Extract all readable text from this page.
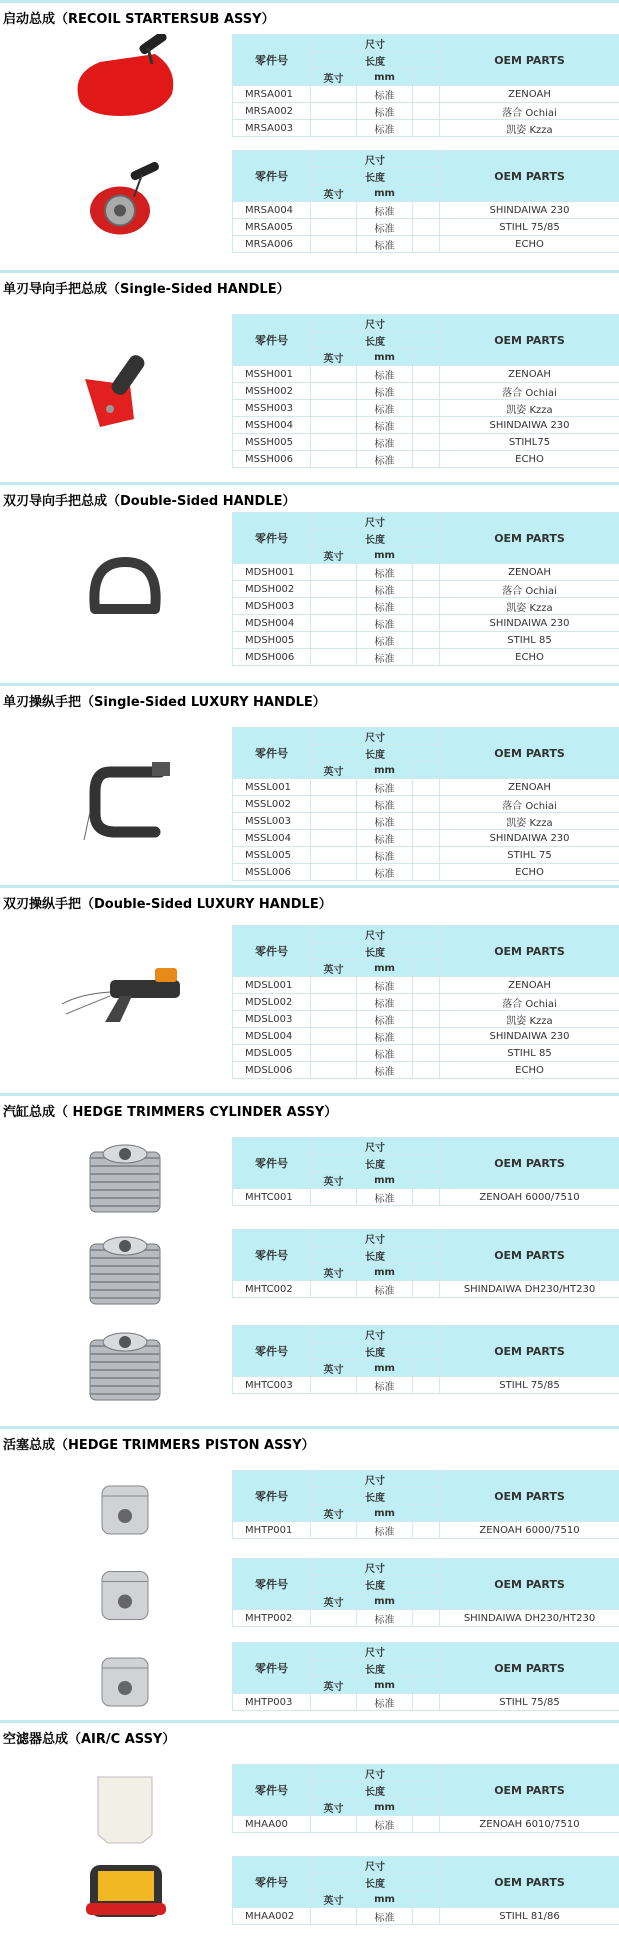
启动总成（RECOIL STARTERSUB ASSY）
零件号	尺寸			OEM PARTS
	长度			
	英寸	mm		
MRSA001		标准		ZENOAH
MRSA002		标准		落合 Ochiai
MRSA003		标准		凯姿 Kzza
零件号	尺寸			OEM PARTS
	长度			
	英寸	mm		
MRSA004		标准		SHINDAIWA 230
MRSA005		标准		STIHL 75/85
MRSA006		标准		ECHO
单刃导向手把总成（Single-Sided HANDLE）
零件号	尺寸			OEM PARTS
	长度			
	英寸	mm		
MSSH001		标准		ZENOAH
MSSH002		标准		落合 Ochiai
MSSH003		标准		凯姿 Kzza
MSSH004		标准		SHINDAIWA 230
MSSH005		标准		STIHL75
MSSH006		标准		ECHO
双刃导向手把总成（Double-Sided HANDLE）
零件号	尺寸			OEM PARTS
	长度			
	英寸	mm		
MDSH001		标准		ZENOAH
MDSH002		标准		落合 Ochiai
MDSH003		标准		凯姿 Kzza
MDSH004		标准		SHINDAIWA 230
MDSH005		标准		STIHL 85
MDSH006		标准		ECHO
单刃操纵手把（Single-Sided LUXURY HANDLE）
零件号	尺寸			OEM PARTS
	长度			
	英寸	mm		
MSSL001		标准		ZENOAH
MSSL002		标准		落合 Ochiai
MSSL003		标准		凯姿 Kzza
MSSL004		标准		SHINDAIWA 230
MSSL005		标准		STIHL 75
MSSL006		标准		ECHO
双刃操纵手把（Double-Sided LUXURY HANDLE）
零件号	尺寸			OEM PARTS
	长度			
	英寸	mm		
MDSL001		标准		ZENOAH
MDSL002		标准		落合 Ochiai
MDSL003		标准		凯姿 Kzza
MDSL004		标准		SHINDAIWA 230
MDSL005		标准		STIHL 85
MDSL006		标准		ECHO
汽缸总成（ HEDGE TRIMMERS CYLINDER ASSY）
零件号	尺寸			OEM PARTS
	长度			
	英寸	mm		
MHTC001		标准		ZENOAH 6000/7510
零件号	尺寸			OEM PARTS
	长度			
	英寸	mm		
MHTC002		标准		SHINDAIWA DH230/HT230
零件号	尺寸			OEM PARTS
	长度			
	英寸	mm		
MHTC003		标准		STIHL 75/85
活塞总成（HEDGE TRIMMERS PISTON ASSY）
零件号	尺寸			OEM PARTS
	长度			
	英寸	mm		
MHTP001		标准		ZENOAH 6000/7510
零件号	尺寸			OEM PARTS
	长度			
	英寸	mm		
MHTP002		标准		SHINDAIWA DH230/HT230
零件号	尺寸			OEM PARTS
	长度			
	英寸	mm		
MHTP003		标准		STIHL 75/85
空滤器总成（AIR/C ASSY）
零件号	尺寸			OEM PARTS
	长度			
	英寸	mm		
MHAA00		标准		ZENOAH 6010/7510
零件号	尺寸			OEM PARTS
	长度			
	英寸	mm		
MHAA002		标准		STIHL 81/86
